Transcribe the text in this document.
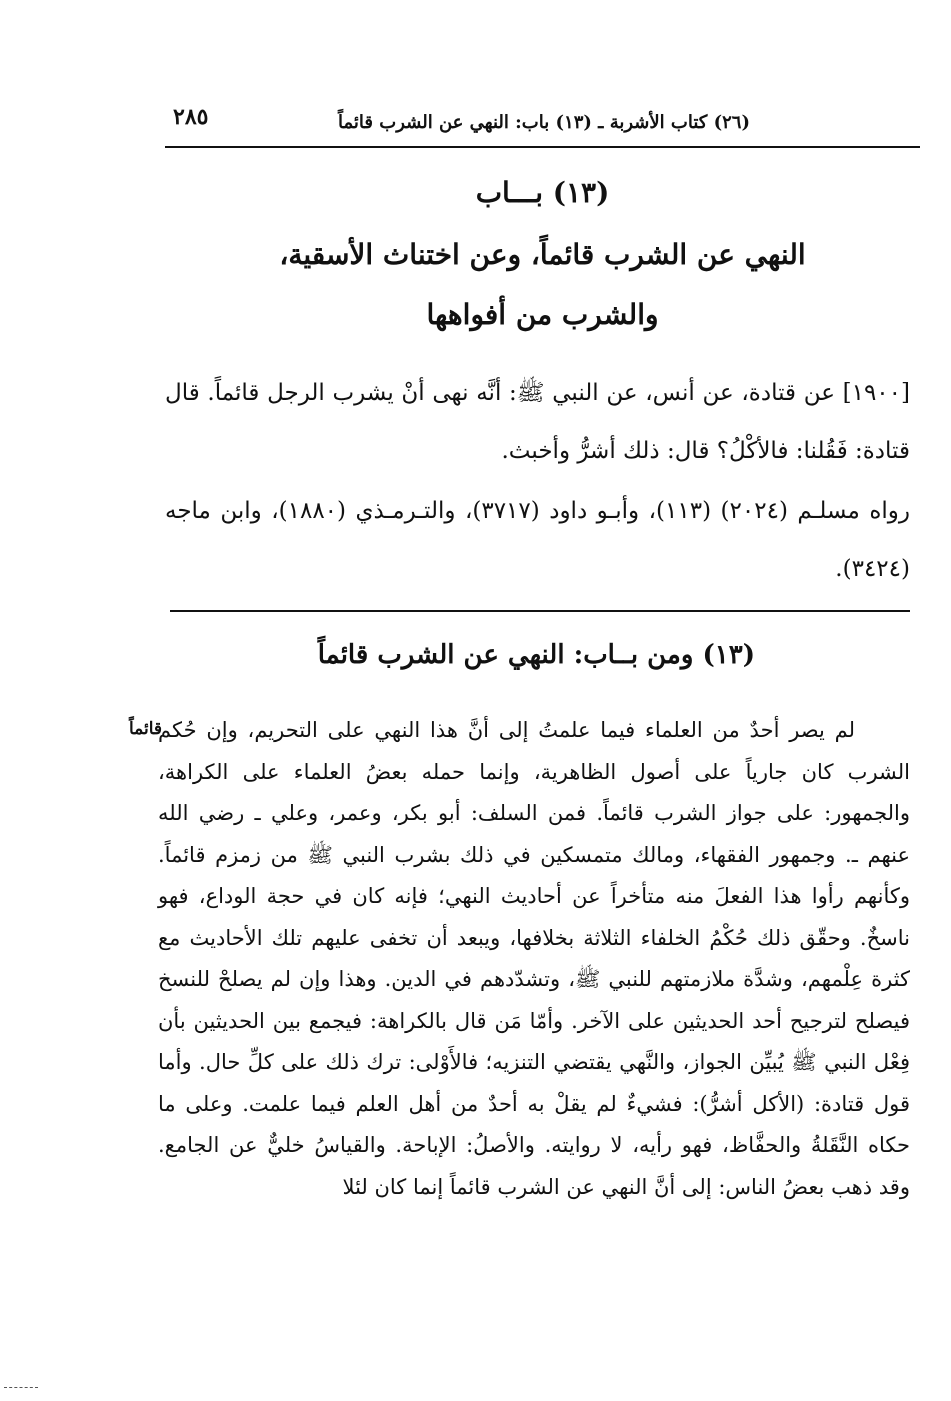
(٢٦) كتاب الأشربة ـ (١٣) باب: النهي عن الشرب قائماً
٢٨٥
(١٣) بـــاب
النهي عن الشرب قائماً، وعن اختناث الأسقية،
والشرب من أفواهها
[١٩٠٠] عن قتادة، عن أنس، عن النبي ﷺ: أنَّه نهى أنْ يشرب الرجل قائماً. قال قتادة: فَقُلنا: فالأكْلُ؟ قال: ذلك أشرُّ وأخبث.
رواه مسلـم (٢٠٢٤) (١١٣)، وأبـو داود (٣٧١٧)، والتـرمـذي (١٨٨٠)، وابن ماجه (٣٤٢٤).
(١٣) ومن بــاب: النهي عن الشرب قائماً

لم يصر أحدٌ من العلماء فيما علمتُ إلى أنَّ هذا النهي على التحريم، وإن حُكم الشرب كان جارياً على أصول الظاهرية، وإنما حمله بعضُ العلماء على الكراهة، والجمهور: على جواز الشرب قائماً. فمن السلف: أبو بكر، وعمر، وعلي ـ رضي الله عنهم ـ. وجمهور الفقهاء، ومالك متمسكين في ذلك بشرب النبي ﷺ من زمزم قائماً. وكأنهم رأوا هذا الفعلَ منه متأخراً عن أحاديث النهي؛ فإنه كان في حجة الوداع، فهو ناسخٌ. وحقّق ذلك حُكْمُ الخلفاء الثلاثة بخلافها، ويبعد أن تخفى عليهم تلك الأحاديث مع كثرة عِلْمهم، وشدَّة ملازمتهم للنبي ﷺ، وتشدّدهم في الدين. وهذا وإن لم يصلحْ للنسخ فيصلح لترجيح أحد الحديثين على الآخر. وأمّا مَن قال بالكراهة: فيجمع بين الحديثين بأن فِعْل النبي ﷺ يُبيِّن الجواز، والنَّهي يقتضي التنزيه؛ فالأَوْلى: ترك ذلك على كلِّ حال. وأما قول قتادة: (الأكل أشرُّ): فشيءٌ لم يقلْ به أحدٌ من أهل العلم فيما علمت. وعلى ما حكاه النَّقَلةُ والحفَّاظ، فهو رأيه، لا روايته. والأصلُ: الإباحة. والقياسُ خليٌّ عن الجامع. وقد ذهب بعضُ الناس: إلى أنَّ النهي عن الشرب قائماً إنما كان لئلا

قائماً
